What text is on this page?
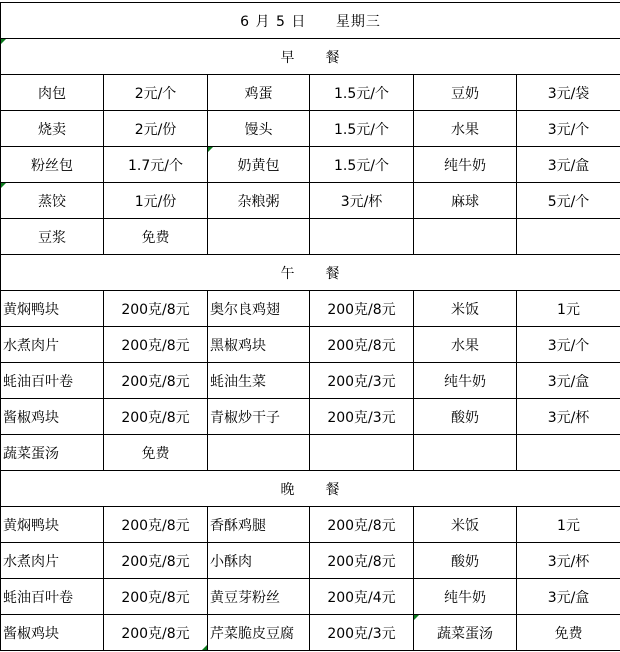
6 月 5 日 星期三					

早　　餐					
肉包	2元/个	鸡蛋	1.5元/个	豆奶	3元/袋
烧卖	2元/份	馒头	1.5元/个	水果	3元/个
粉丝包	1.7元/个	奶黄包	1.5元/个	纯牛奶	3元/盒

蒸饺	1元/份	杂粮粥	3元/杯	麻球	5元/个
豆浆	免费				
午　　餐					
黄焖鸭块	200克/8元	奥尔良鸡翅	200克/8元	米饭	1元
水煮肉片	200克/8元	黑椒鸡块	200克/8元	水果	3元/个
蚝油百叶卷	200克/8元	蚝油生菜	200克/3元	纯牛奶	3元/盒
酱椒鸡块	200克/8元	青椒炒干子	200克/3元	酸奶	3元/杯
蔬菜蛋汤	免费				
晚　　餐					
黄焖鸭块	200克/8元	香酥鸡腿	200克/8元	米饭	1元
水煮肉片	200克/8元	小酥肉	200克/8元	酸奶	3元/杯
蚝油百叶卷	200克/8元	黄豆芽粉丝	200克/4元	纯牛奶	3元/盒
酱椒鸡块	200克/8元	芹菜脆皮豆腐	200克/3元	蔬菜蛋汤	免费
